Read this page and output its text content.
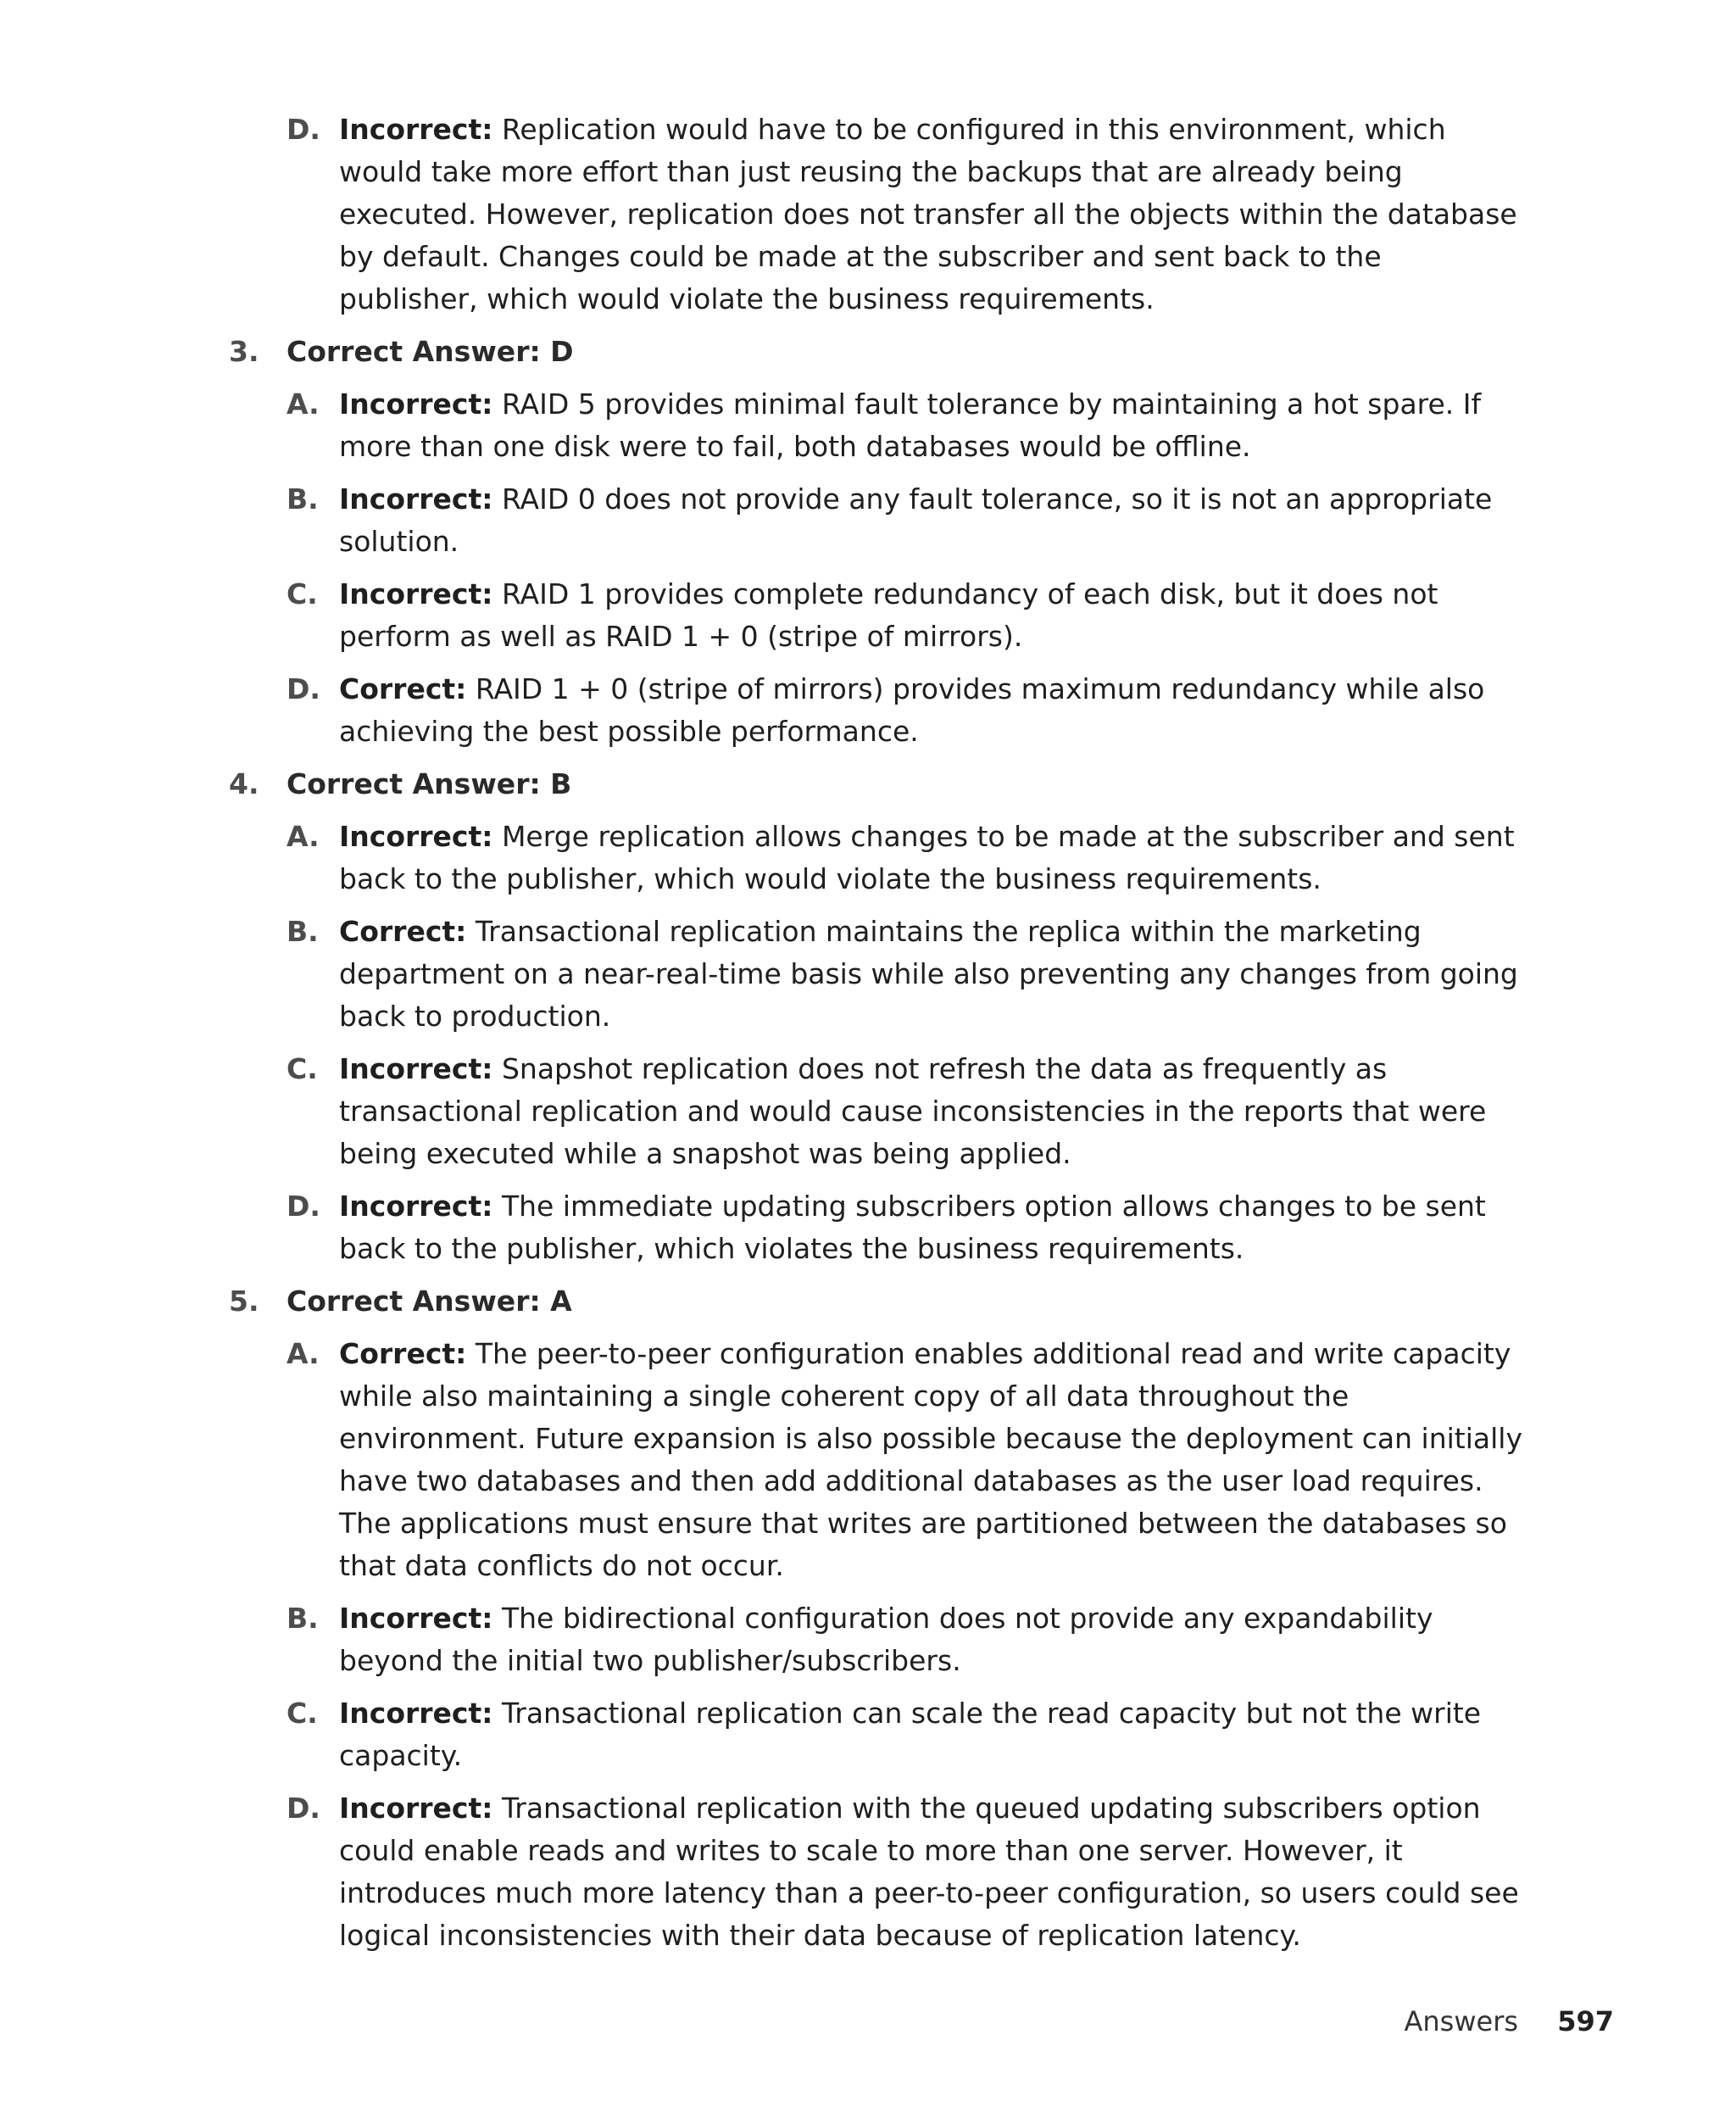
D. Incorrect: Replication would have to be configured in this environment, which would take more effort than just reusing the backups that are already being executed. However, replication does not transfer all the objects within the database by default. Changes could be made at the subscriber and sent back to the publisher, which would violate the business requirements.
3. Correct Answer: D
A. Incorrect: RAID 5 provides minimal fault tolerance by maintaining a hot spare. If more than one disk were to fail, both databases would be offline.
B. Incorrect: RAID 0 does not provide any fault tolerance, so it is not an appropriate solution.
C. Incorrect: RAID 1 provides complete redundancy of each disk, but it does not perform as well as RAID 1 + 0 (stripe of mirrors).
D. Correct: RAID 1 + 0 (stripe of mirrors) provides maximum redundancy while also achieving the best possible performance.
4. Correct Answer: B
A. Incorrect: Merge replication allows changes to be made at the subscriber and sent back to the publisher, which would violate the business requirements.
B. Correct: Transactional replication maintains the replica within the marketing department on a near-real-time basis while also preventing any changes from going back to production.
C. Incorrect: Snapshot replication does not refresh the data as frequently as transactional replication and would cause inconsistencies in the reports that were being executed while a snapshot was being applied.
D. Incorrect: The immediate updating subscribers option allows changes to be sent back to the publisher, which violates the business requirements.
5. Correct Answer: A
A. Correct: The peer-to-peer configuration enables additional read and write capacity while also maintaining a single coherent copy of all data throughout the environment. Future expansion is also possible because the deployment can initially have two databases and then add additional databases as the user load requires. The applications must ensure that writes are partitioned between the databases so that data conflicts do not occur.
B. Incorrect: The bidirectional configuration does not provide any expandability beyond the initial two publisher/subscribers.
C. Incorrect: Transactional replication can scale the read capacity but not the write capacity.
D. Incorrect: Transactional replication with the queued updating subscribers option could enable reads and writes to scale to more than one server. However, it introduces much more latency than a peer-to-peer configuration, so users could see logical inconsistencies with their data because of replication latency.
Answers 597
